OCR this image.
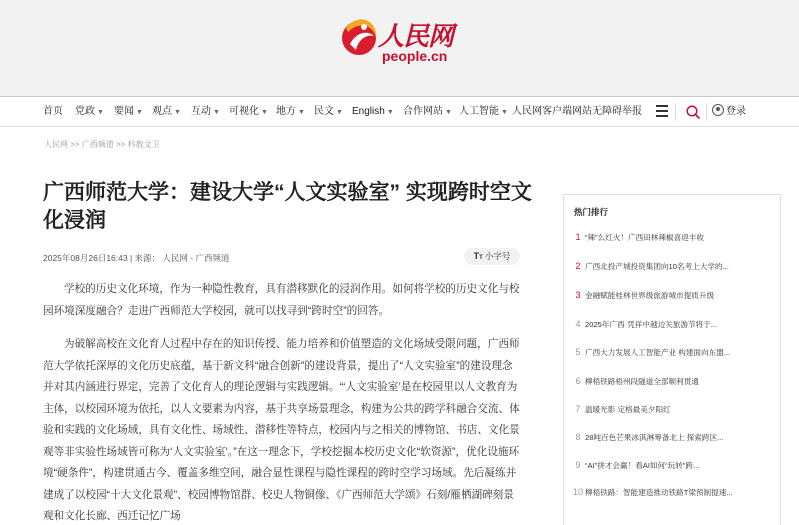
人民网
people.cn
首页 党政 ▼ 要闻 ▼ 观点 ▼ 互动 ▼ 可视化 ▼ 地方 ▼ 民文 ▼ English ▼ 合作网站 ▼ 人工智能 ▼ 人民网客户端 网站无障碍 举报	登录
人民网 >> 广西频道 >> 科教文卫
广西师范大学：建设大学“人文实验室” 实现跨时空文化浸润
2025年08月26日16:43 | 来源： 人民网 - 广西频道	TT 小字号

学校的历史文化环境，作为一种隐性教育，具有潜移默化的浸润作用。如何将学校的历史文化与校园环境深度融合？走进广西师范大学校园，就可以找寻到“跨时空”的回答。

为破解高校在文化育人过程中存在的知识传授、能力培养和价值塑造的文化场域受限问题，广西师范大学依托深厚的文化历史底蕴，基于新文科“融合创新”的建设背景，提出了“人文实验室”的建设理念并对其内涵进行界定，完善了文化育人的理论逻辑与实践逻辑。“‘人文实验室’是在校园里以人文教育为主体，以校园环境为依托，以人文要素为内容，基于共享场景理念，构建为公共的跨学科融合交流、体验和实践的文化场域，具有文化性、场域性、潜移性等特点，校园内与之相关的博物馆、书店、文化景观等非实验性场域皆可称为‘人文实验室’。”在这一理念下，学校挖掘本校历史文化“软资源”，优化设施环境“硬条件”，构建贯通古今、覆盖多维空间，融合显性课程与隐性课程的跨时空学习场域。先后凝练并建成了以校园“十大文化景观”、校园博物馆群、校史人物铜像、《广西师范大学颂》石刻/雁栖湖碑刻景观和文化长廊、西迁记忆广场

热门排行
1 “辣”么红火！广西田林辣椒喜迎丰收
2 广西北投产城投资集团向10名考上大学的...
3 金融赋能桂林世界级旅游城市提质升级
4 2025年广西·凭祥中越边关旅游节将于...
5 广西大力发展人工智能产业 构建面向东盟...
6 柳梧铁路梧州段隧道全部顺利贯通
7 温暖光影 定格最美夕阳红
8 28吨百色芒果冰淇淋筹备北上 探索跨区...
9 “AI”拼才会赢！看AI如何“玩转”跨...
10 柳梧铁路：智能建造推动铁路T梁预制提速...
